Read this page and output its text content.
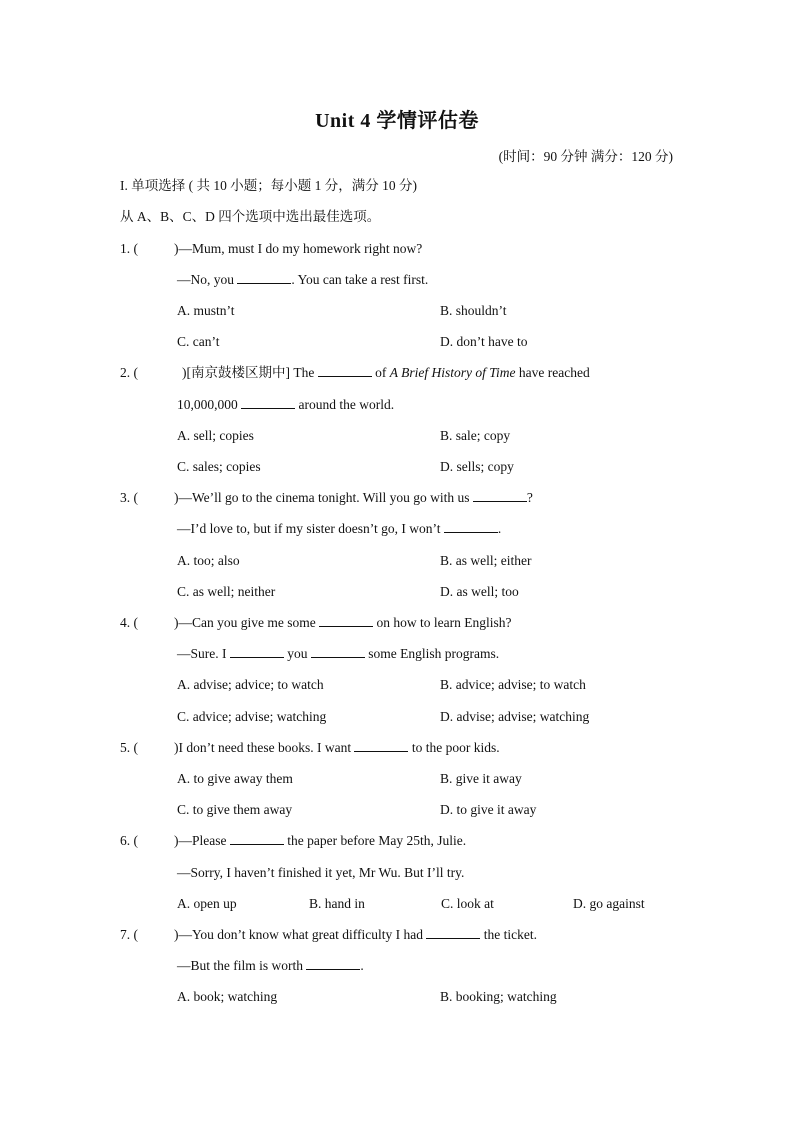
Unit 4 学情评估卷
(时间：90 分钟 满分：120 分)
I. 单项选择 ( 共 10 小题；每小题 1 分，满分 10 分)
从 A、B、C、D 四个选项中选出最佳选项。
1. (	)—Mum, must I do my homework right now?
—No, you	. You can take a rest first.
A. mustn’t	B. shouldn’t
C. can’t	D. don’t have to
2. (	)[南京鼓楼区期中] The	of A Brief History of Time have reached
10,000,000	around the world.
A. sell; copies	B. sale; copy
C. sales; copies	D. sells; copy
3. (	)—We’ll go to the cinema tonight. Will you go with us	?
—I’d love to, but if my sister doesn’t go, I won’t	.
A. too; also	B. as well; either
C. as well; neither	D. as well; too
4. (	)—Can you give me some	on how to learn English?
—Sure. I	you	some English programs.
A. advise; advice; to watch	B. advice; advise; to watch
C. advice; advise; watching	D. advise; advise; watching
5. (	)I don’t need these books. I want	to the poor kids.
A. to give away them	B. give it away
C. to give them away	D. to give it away
6. (	)—Please	the paper before May 25th, Julie.
—Sorry, I haven’t finished it yet, Mr Wu. But I’ll try.
A. open up	B. hand in	C. look at	D. go against
7. (	)—You don’t know what great difficulty I had	the ticket.
—But the film is worth	.
A. book; watching	B. booking; watching
